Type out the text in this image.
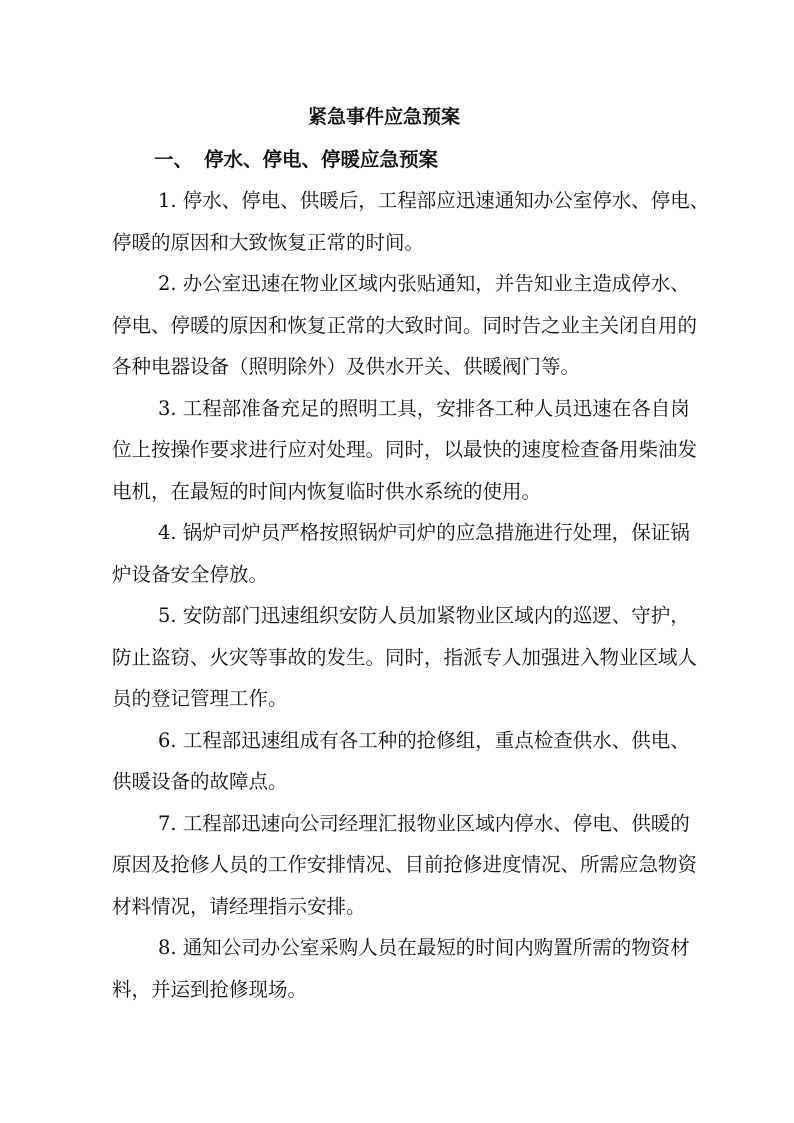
紧急事件应急预案
一、 停水、停电、停暖应急预案
1. 停水、停电、供暖后，工程部应迅速通知办公室停水、停电、
停暖的原因和大致恢复正常的时间。
2. 办公室迅速在物业区域内张贴通知，并告知业主造成停水、
停电、停暖的原因和恢复正常的大致时间。同时告之业主关闭自用的
各种电器设备（照明除外）及供水开关、供暖阀门等。
3. 工程部准备充足的照明工具，安排各工种人员迅速在各自岗
位上按操作要求进行应对处理。同时，以最快的速度检查备用柴油发
电机，在最短的时间内恢复临时供水系统的使用。
4. 锅炉司炉员严格按照锅炉司炉的应急措施进行处理，保证锅
炉设备安全停放。
5. 安防部门迅速组织安防人员加紧物业区域内的巡逻、守护，
防止盗窃、火灾等事故的发生。同时，指派专人加强进入物业区域人
员的登记管理工作。
6. 工程部迅速组成有各工种的抢修组，重点检查供水、供电、
供暖设备的故障点。
7. 工程部迅速向公司经理汇报物业区域内停水、停电、供暖的
原因及抢修人员的工作安排情况、目前抢修进度情况、所需应急物资
材料情况，请经理指示安排。
8. 通知公司办公室采购人员在最短的时间内购置所需的物资材
料，并运到抢修现场。
